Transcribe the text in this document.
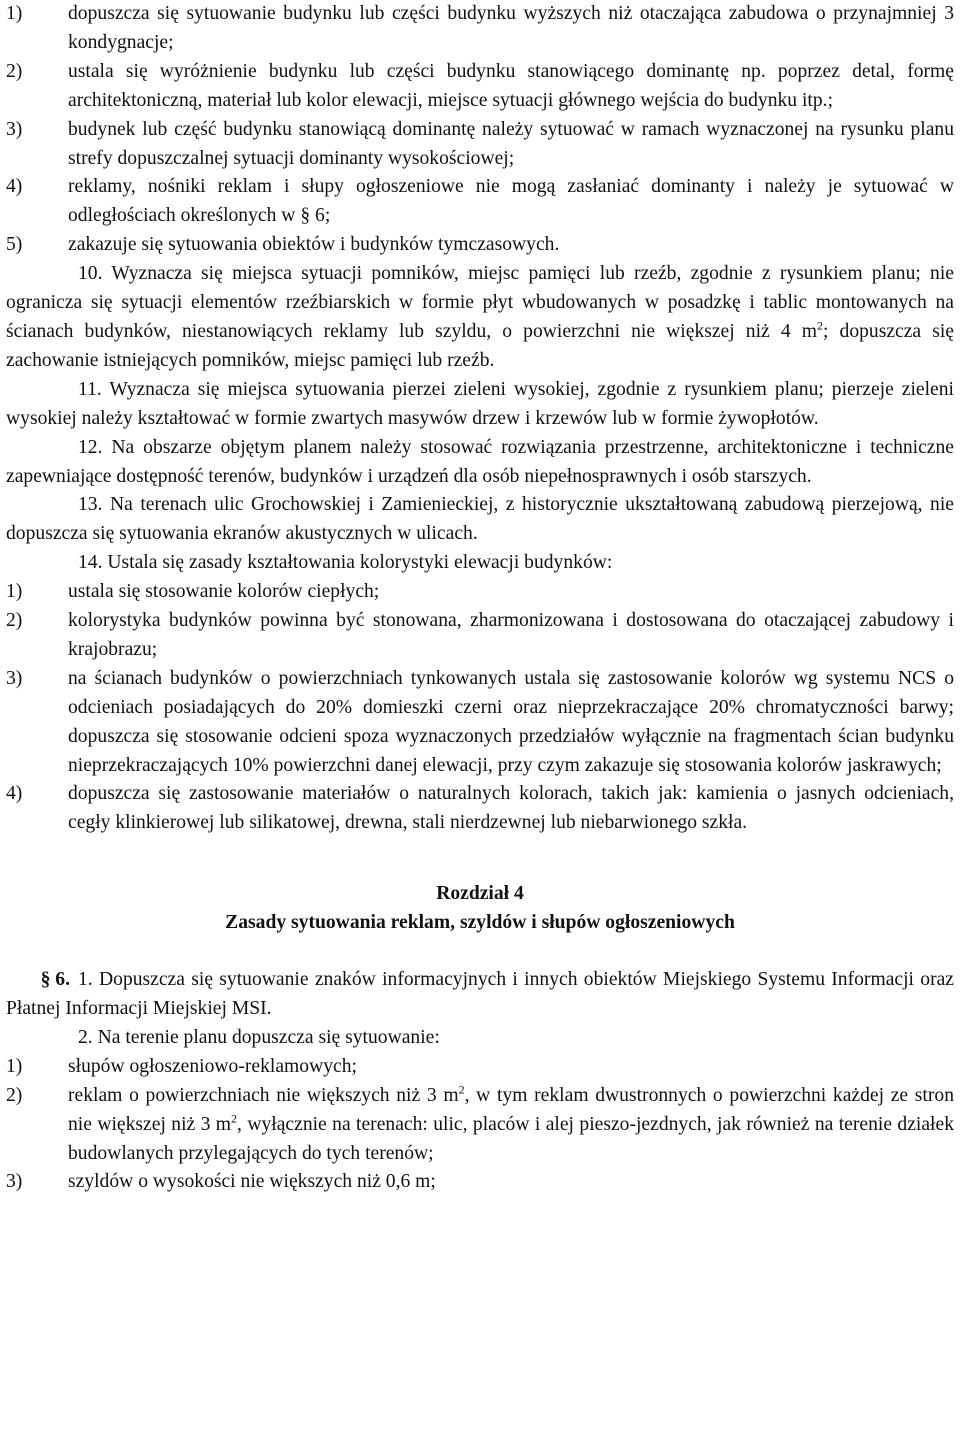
1)	dopuszcza się sytuowanie budynku lub części budynku wyższych niż otaczająca zabudowa o przynajmniej 3 kondygnacje;
2)	ustala się wyróżnienie budynku lub części budynku stanowiącego dominantę np. poprzez detal, formę architektoniczną, materiał lub kolor elewacji, miejsce sytuacji głównego wejścia do budynku itp.;
3)	budynek lub część budynku stanowiącą dominantę należy sytuować w ramach wyznaczonej na rysunku planu strefy dopuszczalnej sytuacji dominanty wysokościowej;
4)	reklamy, nośniki reklam i słupy ogłoszeniowe nie mogą zasłaniać dominanty i należy je sytuować w odległościach określonych w § 6;
5)	zakazuje się sytuowania obiektów i budynków tymczasowych.

10. Wyznacza się miejsca sytuacji pomników, miejsc pamięci lub rzeźb, zgodnie z rysunkiem planu; nie ogranicza się sytuacji elementów rzeźbiarskich w formie płyt wbudowanych w posadzkę i tablic montowanych na ścianach budynków, niestanowiących reklamy lub szyldu, o powierzchni nie większej niż 4 $m^2$; dopuszcza się zachowanie istniejących pomników, miejsc pamięci lub rzeźb.

11. Wyznacza się miejsca sytuowania pierzei zieleni wysokiej, zgodnie z rysunkiem planu; pierzeje zieleni wysokiej należy kształtować w formie zwartych masywów drzew i krzewów lub w formie żywopłotów.

12. Na obszarze objętym planem należy stosować rozwiązania przestrzenne, architektoniczne i techniczne zapewniające dostępność terenów, budynków i urządzeń dla osób niepełnosprawnych i osób starszych.

13. Na terenach ulic Grochowskiej i Zamienieckiej, z historycznie ukształtowaną zabudową pierzejową, nie dopuszcza się sytuowania ekranów akustycznych w ulicach.

14. Ustala się zasady kształtowania kolorystyki elewacji budynków:

1)	ustala się stosowanie kolorów ciepłych;
2)	kolorystyka budynków powinna być stonowana, zharmonizowana i dostosowana do otaczającej zabudowy i krajobrazu;
3)	na ścianach budynków o powierzchniach tynkowanych ustala się zastosowanie kolorów wg systemu NCS o odcieniach posiadających do 20% domieszki czerni oraz nieprzekraczające 20% chromatyczności barwy; dopuszcza się stosowanie odcieni spoza wyznaczonych przedziałów wyłącznie na fragmentach ścian budynku nieprzekraczających 10% powierzchni danej elewacji, przy czym zakazuje się stosowania kolorów jaskrawych;
4)	dopuszcza się zastosowanie materiałów o naturalnych kolorach, takich jak: kamienia o jasnych odcieniach, cegły klinkierowej lub silikatowej, drewna, stali nierdzewnej lub niebarwionego szkła.

Rozdział 4

Zasady sytuowania reklam, szyldów i słupów ogłoszeniowych

§ 6. 1. Dopuszcza się sytuowanie znaków informacyjnych i innych obiektów Miejskiego Systemu Informacji oraz Płatnej Informacji Miejskiej MSI.

2. Na terenie planu dopuszcza się sytuowanie:

1)	słupów ogłoszeniowo-reklamowych;
2)	reklam o powierzchniach nie większych niż 3 $m^2$, w tym reklam dwustronnych o powierzchni każdej ze stron nie większej niż 3 $m^2$, wyłącznie na terenach: ulic, placów i alej pieszo-jezdnych, jak również na terenie działek budowlanych przylegających do tych terenów;
3)	szyldów o wysokości nie większych niż 0,6 m;
